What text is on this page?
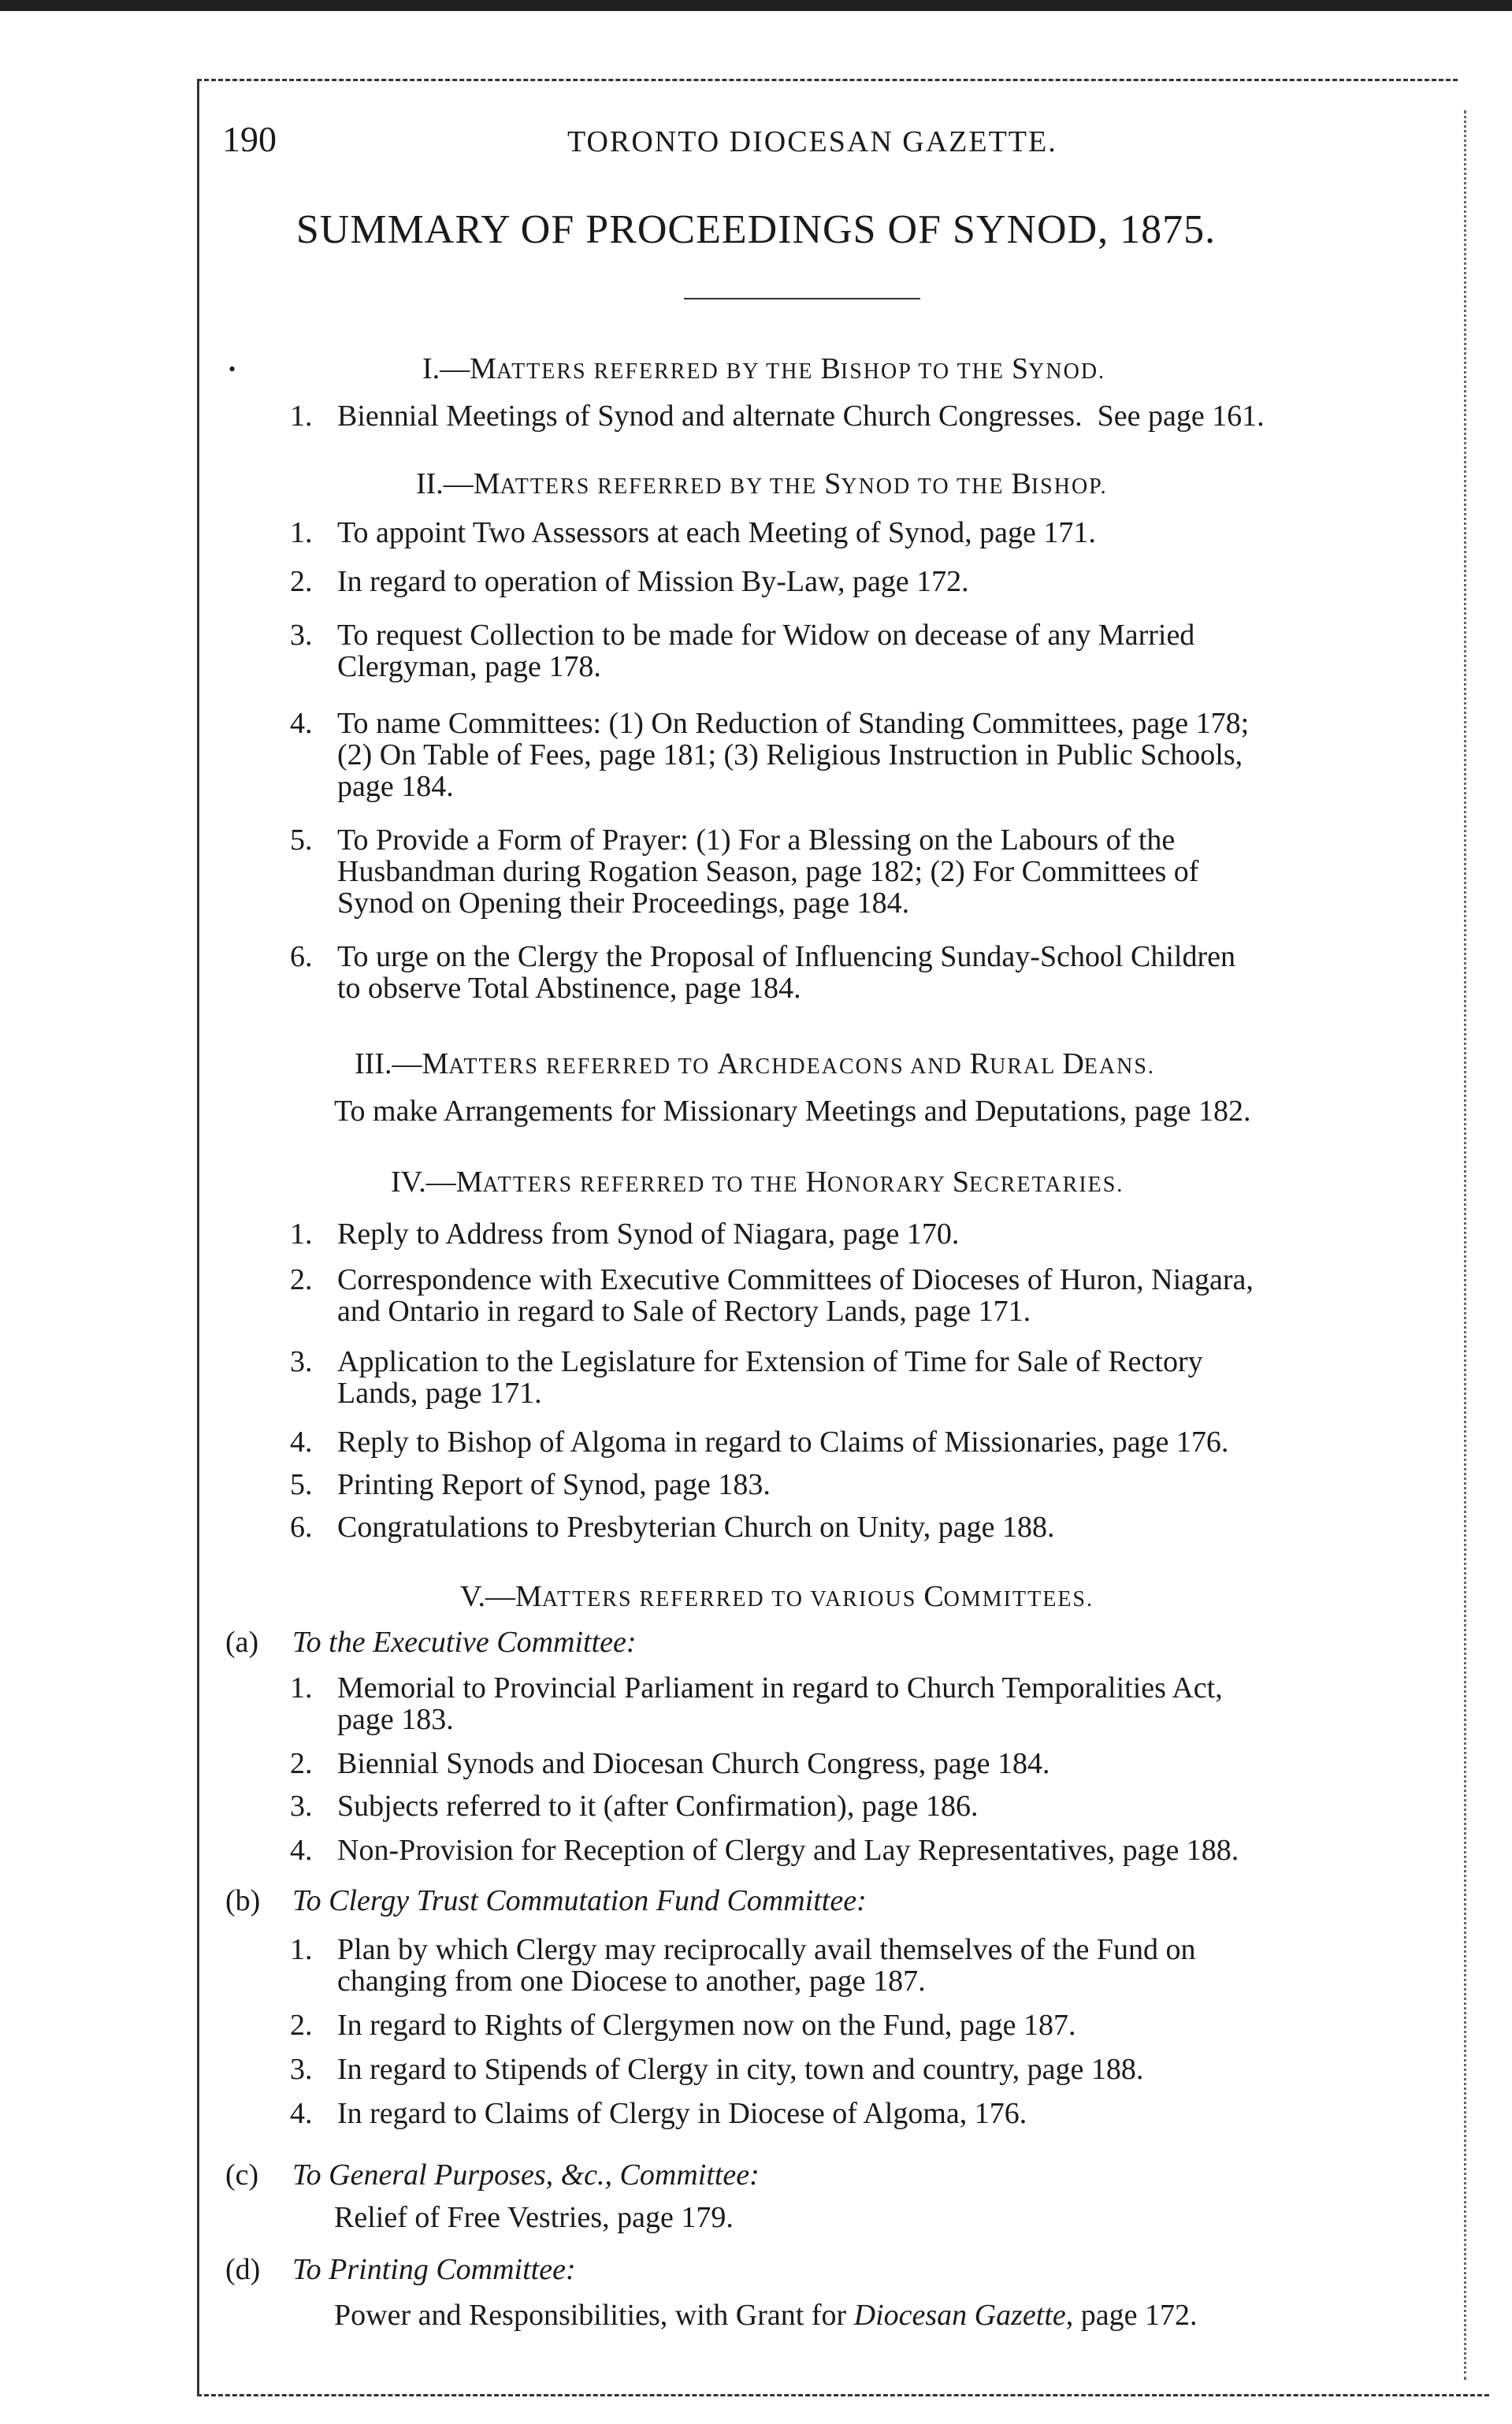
190	TORONTO DIOCESAN GAZETTE.
SUMMARY OF PROCEEDINGS OF SYNOD, 1875.
•	I.—MATTERS REFERRED BY THE BISHOP TO THE SYNOD.
1. Biennial Meetings of Synod and alternate Church Congresses.  See page 161.
II.—MATTERS REFERRED BY THE SYNOD TO THE BISHOP.
1. To appoint Two Assessors at each Meeting of Synod, page 171.
2. In regard to operation of Mission By-Law, page 172.
3. To request Collection to be made for Widow on decease of any Married
Clergyman, page 178.
4. To name Committees: (1) On Reduction of Standing Committees, page 178;
(2) On Table of Fees, page 181; (3) Religious Instruction in Public Schools,
page 184.
5. To Provide a Form of Prayer: (1) For a Blessing on the Labours of the
Husbandman during Rogation Season, page 182; (2) For Committees of
Synod on Opening their Proceedings, page 184.
6. To urge on the Clergy the Proposal of Influencing Sunday-School Children
to observe Total Abstinence, page 184.
III.—MATTERS REFERRED TO ARCHDEACONS AND RURAL DEANS.
To make Arrangements for Missionary Meetings and Deputations, page 182.
IV.—MATTERS REFERRED TO THE HONORARY SECRETARIES.
1. Reply to Address from Synod of Niagara, page 170.
2. Correspondence with Executive Committees of Dioceses of Huron, Niagara,
and Ontario in regard to Sale of Rectory Lands, page 171.
3. Application to the Legislature for Extension of Time for Sale of Rectory
Lands, page 171.
4. Reply to Bishop of Algoma in regard to Claims of Missionaries, page 176.
5. Printing Report of Synod, page 183.
6. Congratulations to Presbyterian Church on Unity, page 188.
V.—MATTERS REFERRED TO VARIOUS COMMITTEES.
(a) To the Executive Committee:
1. Memorial to Provincial Parliament in regard to Church Temporalities Act,
page 183.
2. Biennial Synods and Diocesan Church Congress, page 184.
3. Subjects referred to it (after Confirmation), page 186.
4. Non-Provision for Reception of Clergy and Lay Representatives, page 188.
(b) To Clergy Trust Commutation Fund Committee:
1. Plan by which Clergy may reciprocally avail themselves of the Fund on
changing from one Diocese to another, page 187.
2. In regard to Rights of Clergymen now on the Fund, page 187.
3. In regard to Stipends of Clergy in city, town and country, page 188.
4. In regard to Claims of Clergy in Diocese of Algoma, 176.
(c) To General Purposes, &c., Committee:
Relief of Free Vestries, page 179.
(d) To Printing Committee:
Power and Responsibilities, with Grant for Diocesan Gazette, page 172.
